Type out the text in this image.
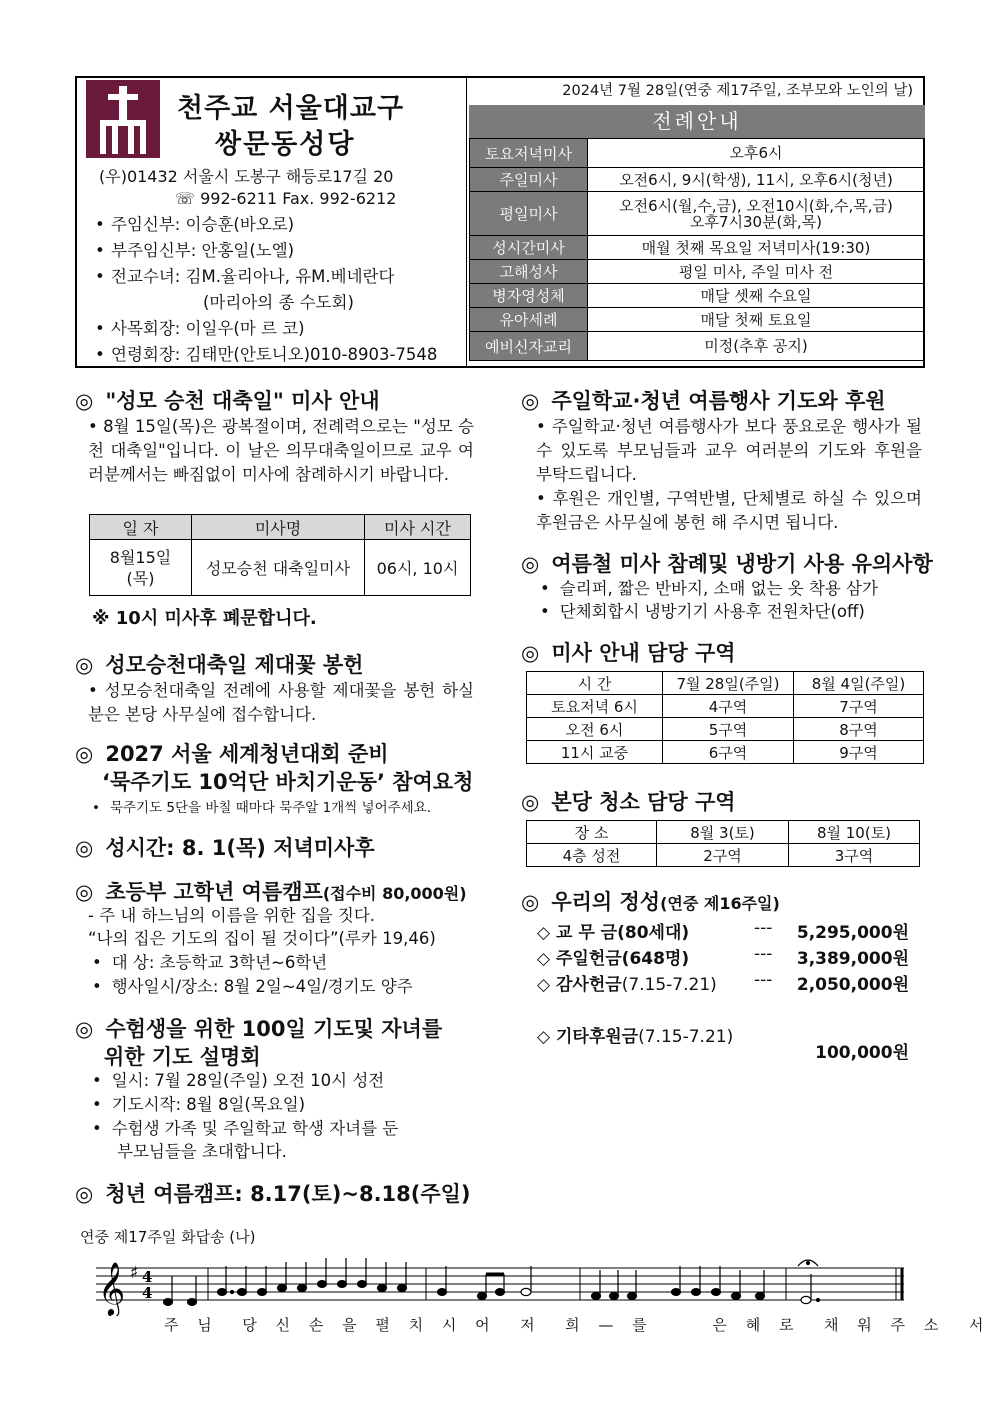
천주교 서울대교구
쌍문동성당
(우)01432 서울시 도봉구 해등로17길 20
☏ 992-6211 Fax. 992-6212
• 주임신부: 이승훈(바오로)
• 부주임신부: 안홍일(노엘)
• 전교수녀: 김M.율리아나, 유M.베네란다
(마리아의 종 수도회)
• 사목회장: 이일우(마 르 코)
• 연령회장: 김태만(안토니오)010-8903-7548
2024년 7월 28일(연중 제17주일, 조부모와 노인의 날)
전례안내
토요저녁미사	오후6시
주일미사	오전6시, 9시(학생), 11시, 오후6시(청년)
평일미사	오전6시(월,수,금), 오전10시(화,수,목,금)
오후7시30분(화,목)

성시간미사	매월 첫째 목요일 저녁미사(19:30)
고해성사	평일 미사, 주일 미사 전
병자영성체	매달 셋째 수요일
유아세례	매달 첫째 토요일
예비신자교리	미정(추후 공지)
◎ "성모 승천 대축일" 미사 안내
• 8월 15일(목)은 광복절이며, 전례력으로는 "성모 승천 대축일"입니다. 이 날은 의무대축일이므로 교우 여러분께서는 빠짐없이 미사에 참례하시기 바랍니다.
일 자	미사명	미사 시간

8월15일
(목)	성모승천 대축일미사	06시, 10시
※ 10시 미사후 폐문합니다.
◎ 성모승천대축일 제대꽃 봉헌
• 성모승천대축일 전례에 사용할 제대꽃을 봉헌 하실 분은 본당 사무실에 접수합니다.
◎ 2027 서울 세계청년대회 준비
‘묵주기도 10억단 바치기운동’ 참여요청
• 묵주기도 5단을 바칠 때마다 묵주알 1개씩 넣어주세요.
◎ 성시간: 8. 1(목) 저녁미사후
◎ 초등부 고학년 여름캠프(접수비 80,000원)
- 주 내 하느님의 이름을 위한 집을 짓다.
“나의 집은 기도의 집이 될 것이다”(루카 19,46)
• 대 상: 초등학교 3학년~6학년
• 행사일시/장소: 8월 2일~4일/경기도 양주
◎ 수험생을 위한 100일 기도및 자녀를
위한 기도 설명회
• 일시: 7월 28일(주일) 오전 10시 성전
• 기도시작: 8월 8일(목요일)
• 수험생 가족 및 주일학교 학생 자녀를 둔
부모님들을 초대합니다.
◎ 청년 여름캠프: 8.17(토)~8.18(주일)
◎ 주일학교·청년 여름행사 기도와 후원
• 주일학교·청년 여름행사가 보다 풍요로운 행사가 될 수 있도록 부모님들과 교우 여러분의 기도와 후원을 부탁드립니다.
• 후원은 개인별, 구역반별, 단체별로 하실 수 있으며 후원금은 사무실에 봉헌 해 주시면 됩니다.
◎ 여름철 미사 참례및 냉방기 사용 유의사항
• 슬리퍼, 짧은 반바지, 소매 없는 옷 착용 삼가
• 단체회합시 냉방기기 사용후 전원차단(off)
◎ 미사 안내 담당 구역
시 간	7월 28일(주일)	8월 4일(주일)
토요저녁 6시	4구역	7구역
오전 6시	5구역	8구역
11시 교중	6구역	9구역
◎ 본당 청소 담당 구역
장 소	8월 3(토)	8월 10(토)
4층 성전	2구역	3구역
◎ 우리의 정성(연중 제16주일)
◇ 교 무 금(80세대)	--- 5,295,000원
◇ 주일헌금(648명)	--- 3,389,000원
◇ 감사헌금(7.15-7.21) --- 2,050,000원
◇ 기타후원금(7.15-7.21)
100,000원
연중 제17주일 화답송 (나)
𝄞 ♯ 4
4
주 님  당 신 손 을 펼 치 시 어  저  희 — 를     은 혜 로  채 워 주 소  서
